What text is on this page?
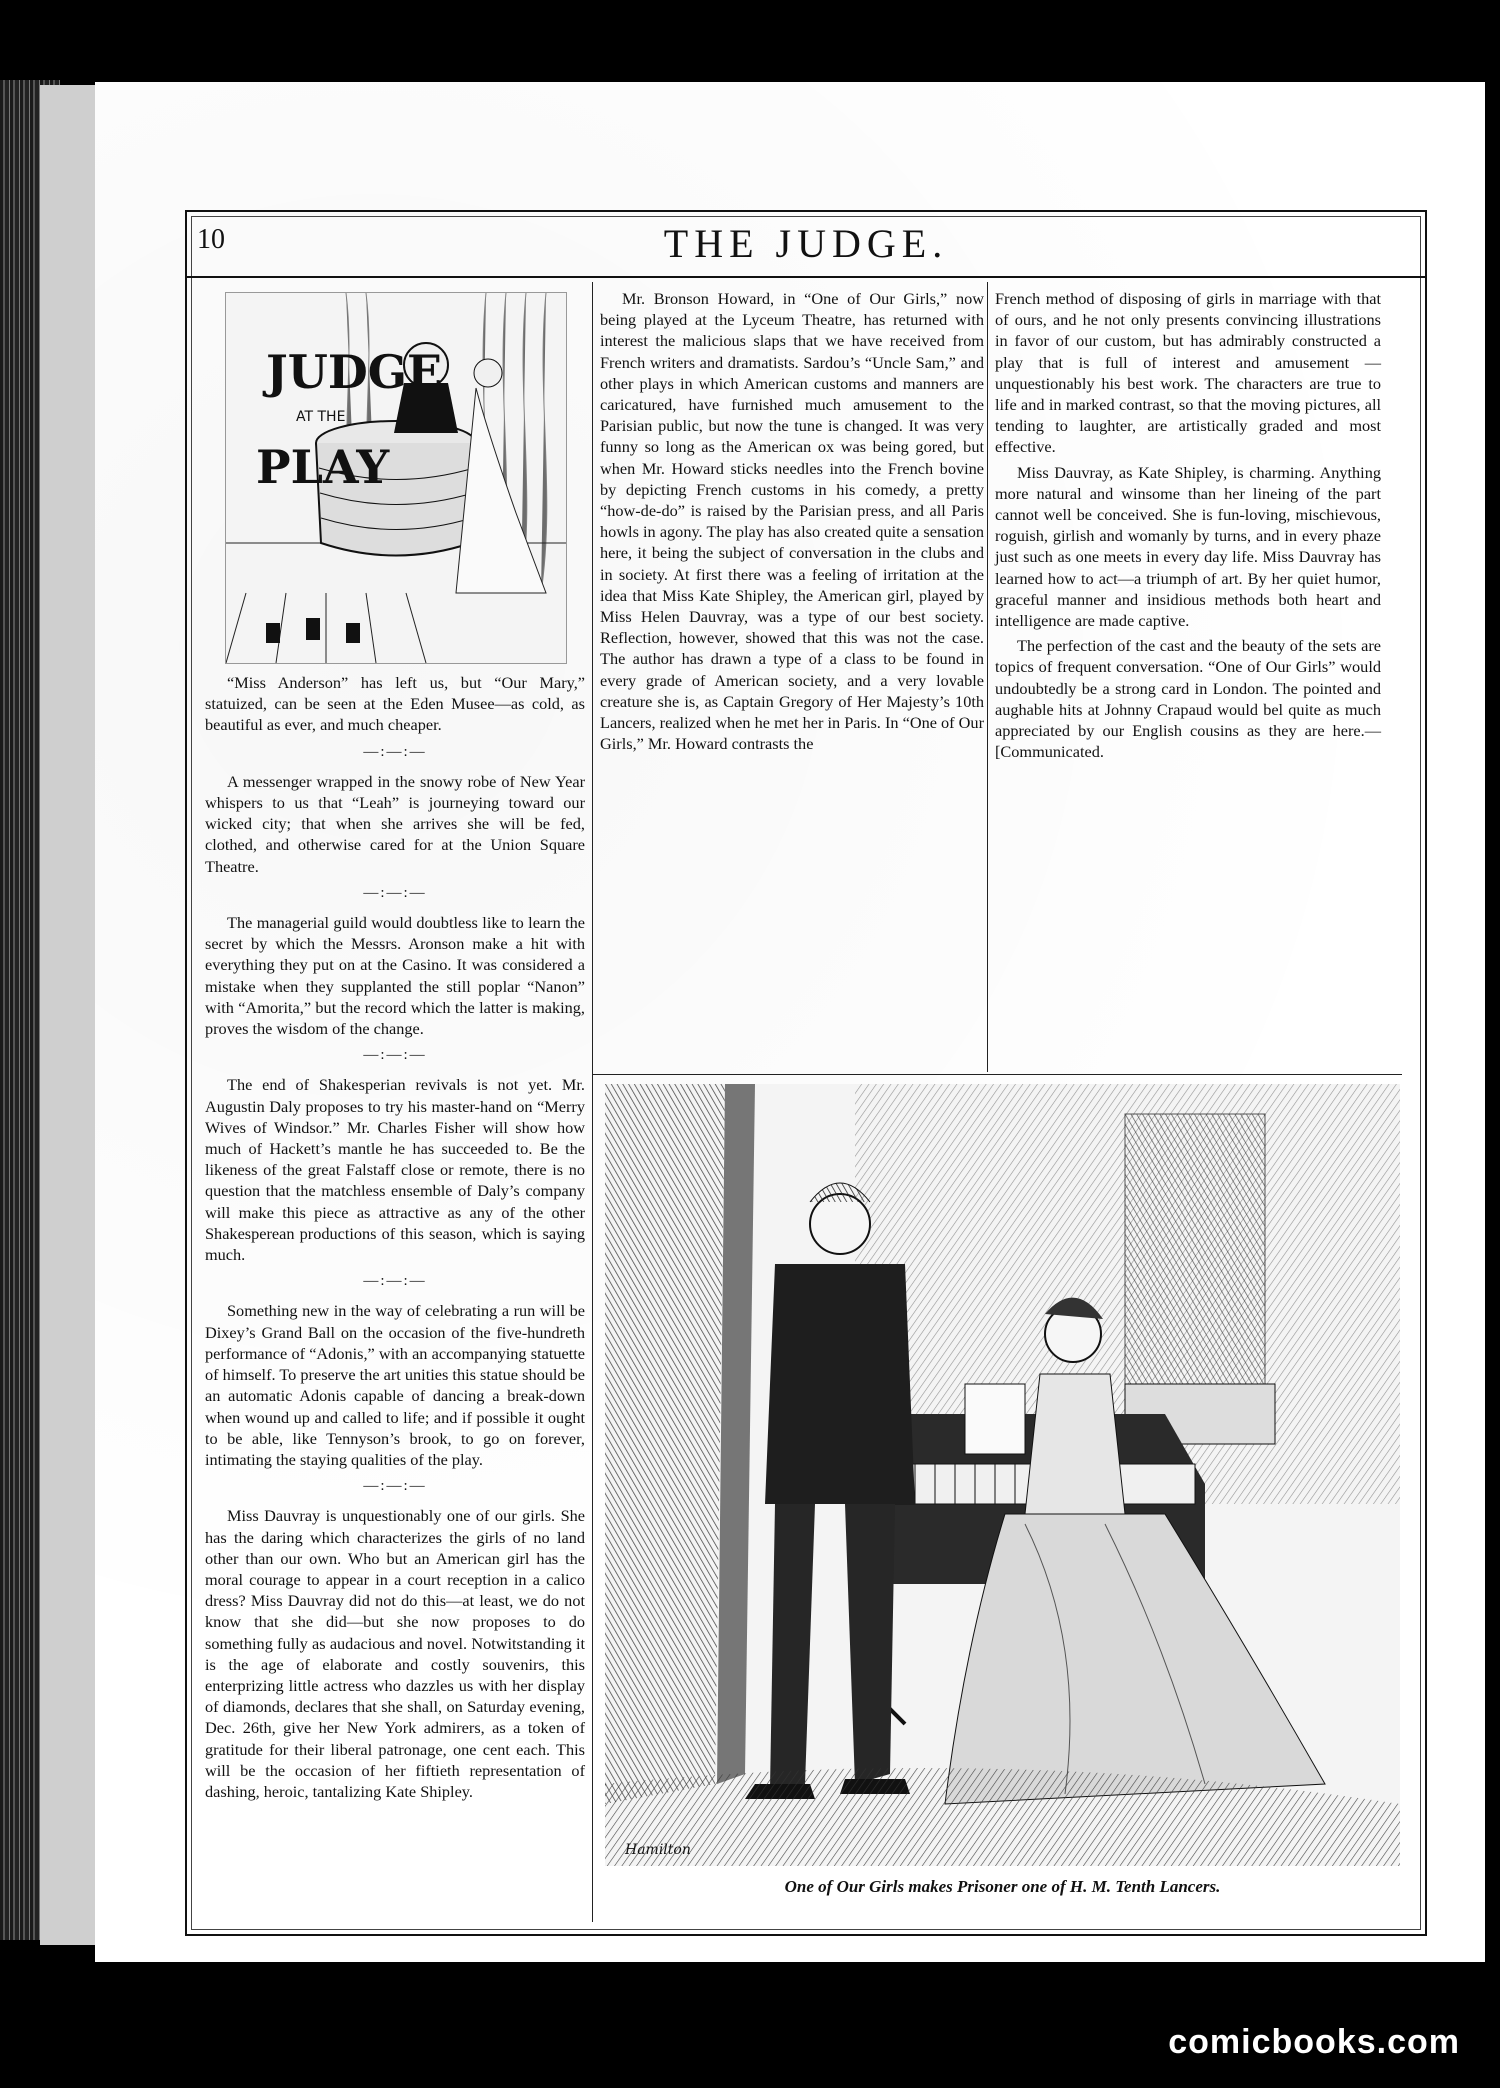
10	THE JUDGE.
JUDGE
AT THE
PLAY

“Miss Anderson” has left us, but “Our Mary,” statuized, can be seen at the Eden Musee—as cold, as beautiful as ever, and much cheaper.

—:—:—

A messenger wrapped in the snowy robe of New Year whispers to us that “Leah” is journeying toward our wicked city; that when she arrives she will be fed, clothed, and otherwise cared for at the Union Square Theatre.

—:—:—

The managerial guild would doubtless like to learn the secret by which the Messrs. Aronson make a hit with everything they put on at the Casino. It was considered a mistake when they supplanted the still poplar “Nanon” with “Amorita,” but the record which the latter is making, proves the wisdom of the change.

—:—:—

The end of Shakesperian revivals is not yet. Mr. Augustin Daly proposes to try his master-hand on “Merry Wives of Windsor.” Mr. Charles Fisher will show how much of Hackett’s mantle he has succeeded to. Be the likeness of the great Falstaff close or remote, there is no question that the matchless ensemble of Daly’s company will make this piece as attractive as any of the other Shakesperean productions of this season, which is saying much.

—:—:—

Something new in the way of celebrating a run will be Dixey’s Grand Ball on the occasion of the five-hundreth performance of “Adonis,” with an accompanying statuette of himself. To preserve the art unities this statue should be an automatic Adonis capable of dancing a break-down when wound up and called to life; and if possible it ought to be able, like Tennyson’s brook, to go on forever, intimating the staying qualities of the play.

—:—:—

Miss Dauvray is unquestionably one of our girls. She has the daring which characterizes the girls of no land other than our own. Who but an American girl has the moral courage to appear in a court reception in a calico dress? Miss Dauvray did not do this—at least, we do not know that she did—but she now proposes to do something fully as audacious and novel. Notwitstanding it is the age of elaborate and costly souvenirs, this enterprizing little actress who dazzles us with her display of diamonds, declares that she shall, on Saturday evening, Dec. 26th, give her New York admirers, as a token of gratitude for their liberal patronage, one cent each. This will be the occasion of her fiftieth representation of dashing, heroic, tantalizing Kate Shipley.

Mr. Bronson Howard, in “One of Our Girls,” now being played at the Lyceum Theatre, has returned with interest the malicious slaps that we have received from French writers and dramatists. Sardou’s “Uncle Sam,” and other plays in which American customs and manners are caricatured, have furnished much amusement to the Parisian public, but now the tune is changed. It was very funny so long as the American ox was being gored, but when Mr. Howard sticks needles into the French bovine by depicting French customs in his comedy, a pretty “how-de-do” is raised by the Parisian press, and all Paris howls in agony. The play has also created quite a sensation here, it being the subject of conversation in the clubs and in society. At first there was a feeling of irritation at the idea that Miss Kate Shipley, the American girl, played by Miss Helen Dauvray, was a type of our best society. Reflection, however, showed that this was not the case. The author has drawn a type of a class to be found in every grade of American society, and a very lovable creature she is, as Captain Gregory of Her Majesty’s 10th Lancers, realized when he met her in Paris. In “One of Our Girls,” Mr. Howard contrasts the

French method of disposing of girls in marriage with that of ours, and he not only presents convincing illustrations in favor of our custom, but has admirably constructed a play that is full of interest and amusement —unquestionably his best work. The characters are true to life and in marked contrast, so that the moving pictures, all tending to laughter, are artistically graded and most effective.

Miss Dauvray, as Kate Shipley, is charming. Anything more natural and winsome than her lineing of the part cannot well be conceived. She is fun-loving, mischievous, roguish, girlish and womanly by turns, and in every phaze just such as one meets in every day life. Miss Dauvray has learned how to act—a triumph of art. By her quiet humor, graceful manner and insidious methods both heart and intelligence are made captive.

The perfection of the cast and the beauty of the sets are topics of frequent conversation. “One of Our Girls” would undoubtedly be a strong card in London. The pointed and aughable hits at Johnny Crapaud would bel quite as much appreciated by our English cousins as they are here.—[Communicated.

Hamilton
One of Our Girls makes Prisoner one of H. M. Tenth Lancers.
comicbooks.com
